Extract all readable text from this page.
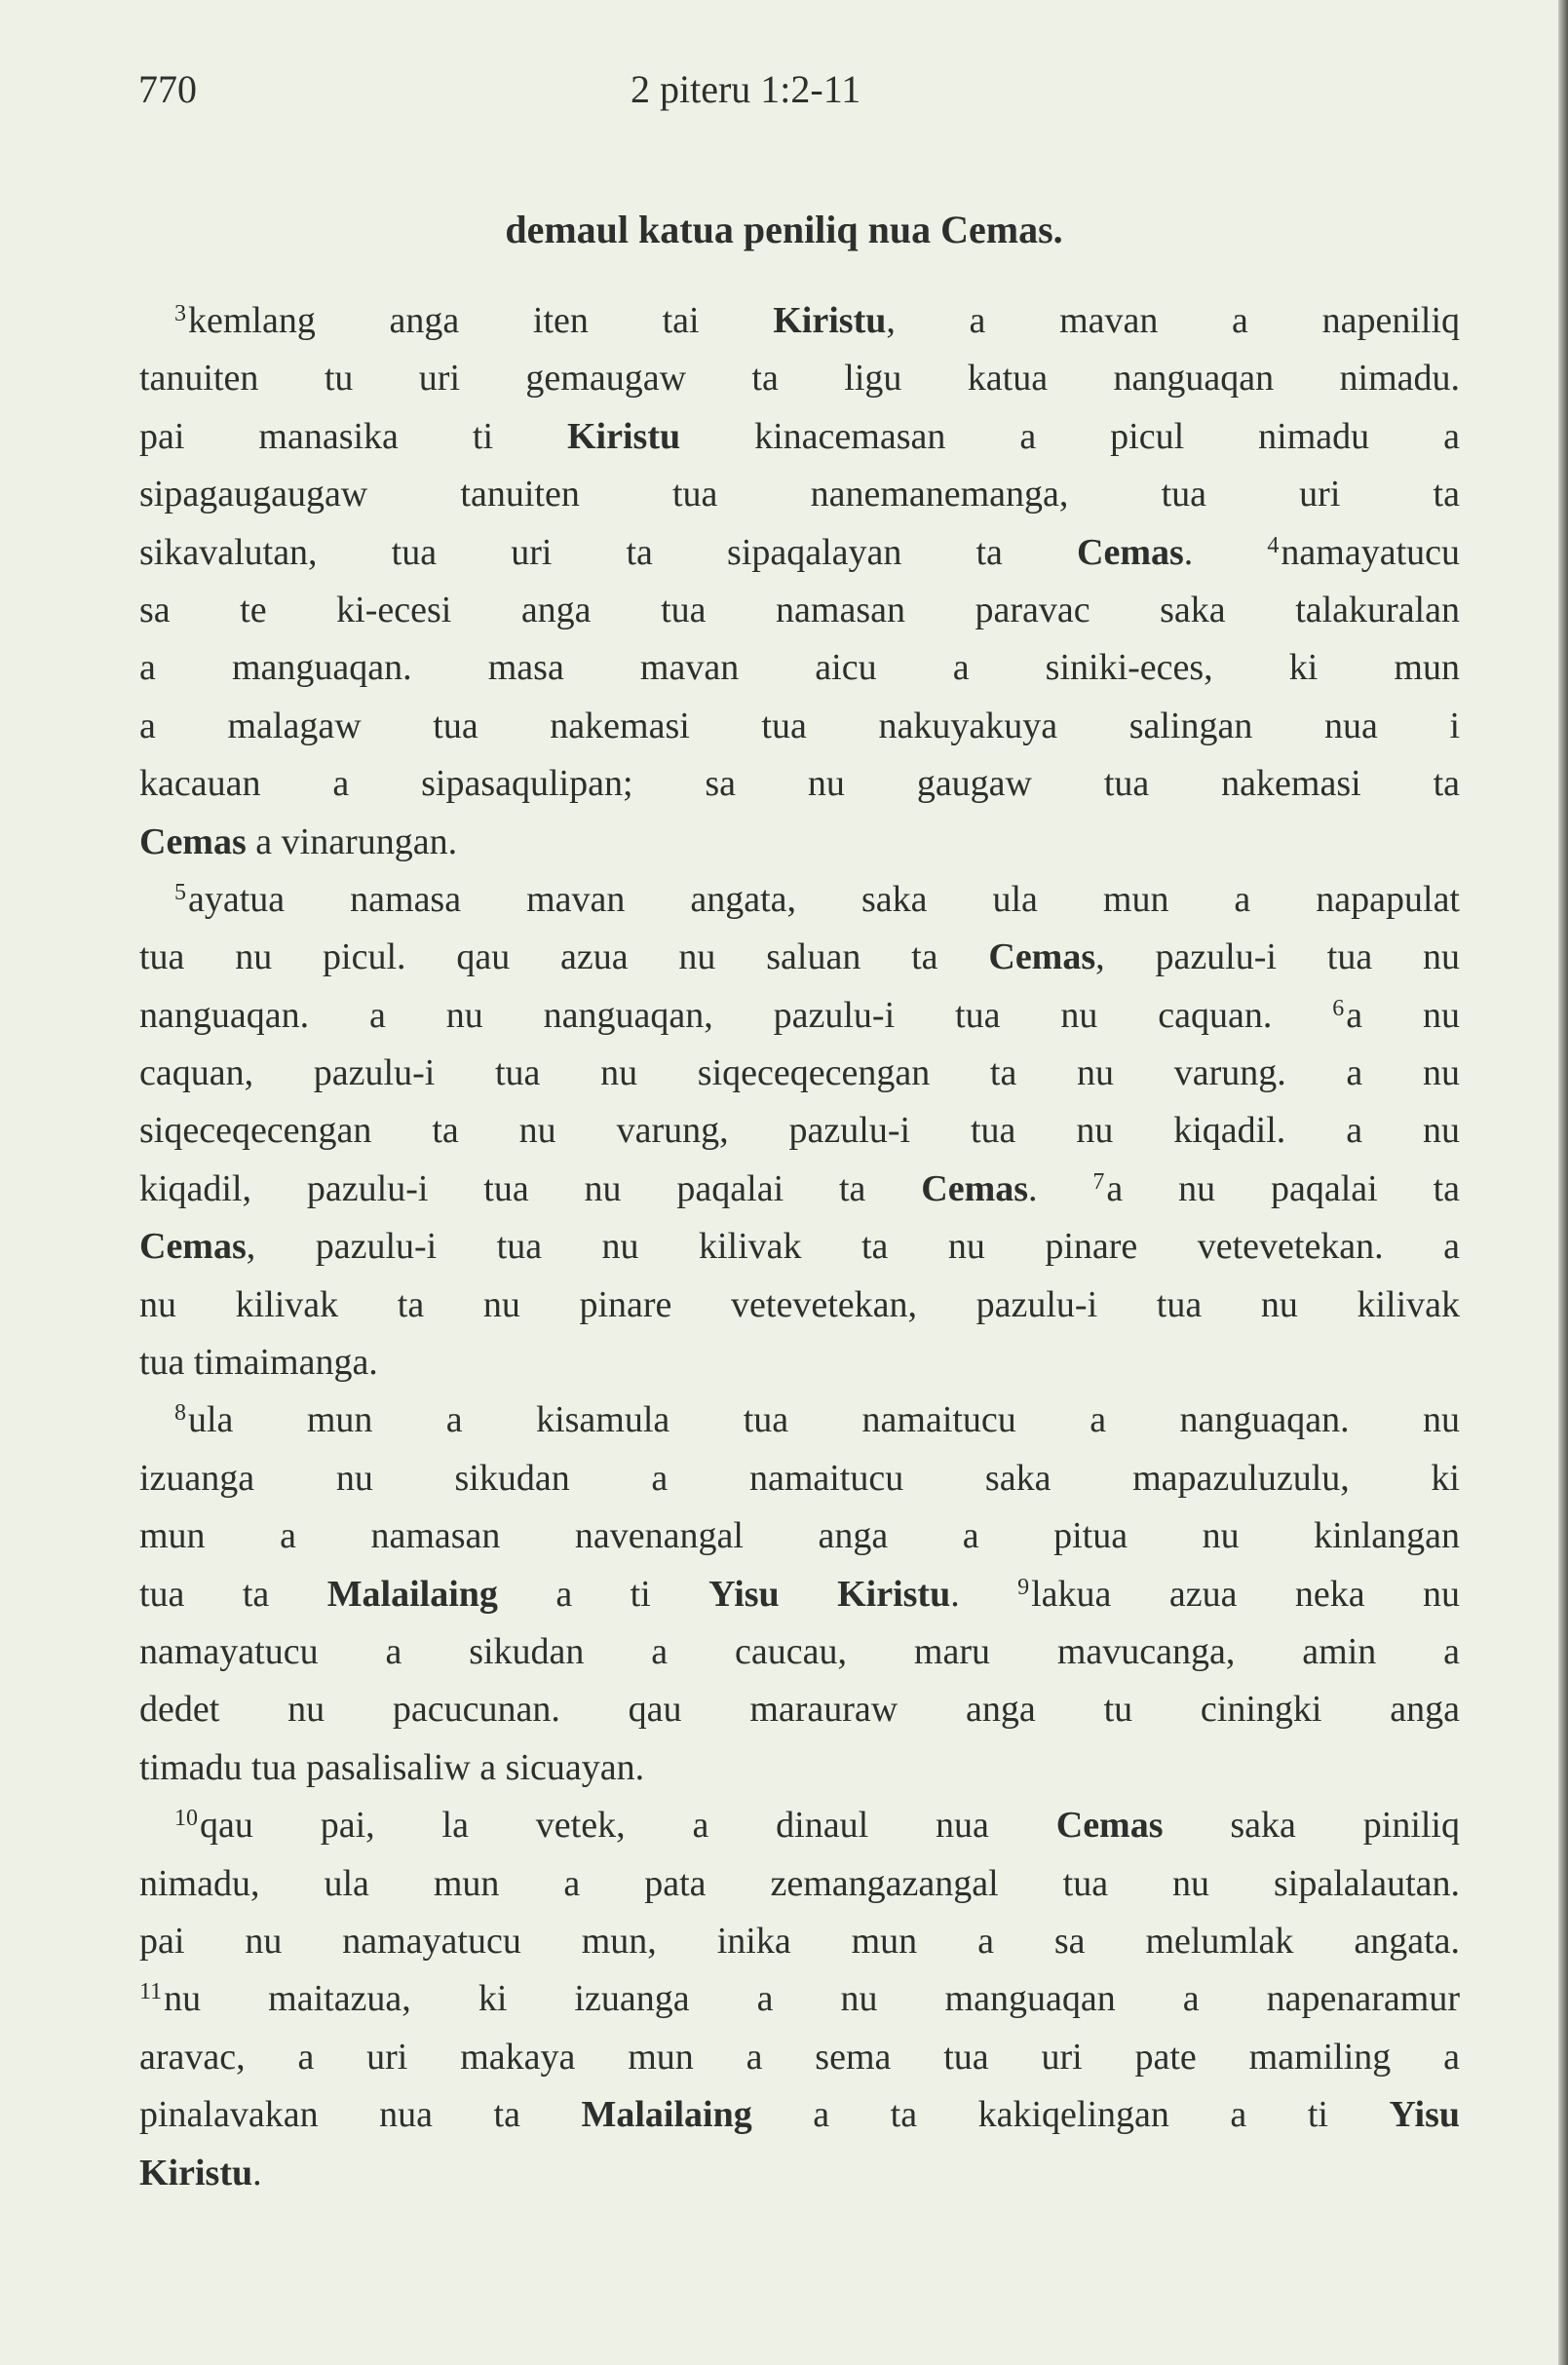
770	2 piteru 1:2-11
demaul katua peniliq nua Cemas.
$^3$kemlang anga iten tai Kiristu, a mavan a napeniliq
tanuiten tu uri gemaugaw ta ligu katua nanguaqan nimadu.
pai manasika ti Kiristu kinacemasan a picul nimadu a
sipagaugaugaw tanuiten tua nanemanemanga, tua uri ta
sikavalutan, tua uri ta sipaqalayan ta Cemas. $^4$namayatucu
sa te ki-ecesi anga tua namasan paravac saka talakuralan
a manguaqan. masa mavan aicu a siniki-eces, ki mun
a malagaw tua nakemasi tua nakuyakuya salingan nua i
kacauan a sipasaqulipan; sa nu gaugaw tua nakemasi ta
Cemas a vinarungan.
$^5$ayatua namasa mavan angata, saka ula mun a napapulat
tua nu picul. qau azua nu saluan ta Cemas, pazulu-i tua nu
nanguaqan. a nu nanguaqan, pazulu-i tua nu caquan. $^6$a nu
caquan, pazulu-i tua nu siqeceqecengan ta nu varung. a nu
siqeceqecengan ta nu varung, pazulu-i tua nu kiqadil. a nu
kiqadil, pazulu-i tua nu paqalai ta Cemas. $^7$a nu paqalai ta
Cemas, pazulu-i tua nu kilivak ta nu pinare vetevetekan. a
nu kilivak ta nu pinare vetevetekan, pazulu-i tua nu kilivak
tua timaimanga.
$^8$ula mun a kisamula tua namaitucu a nanguaqan. nu
izuanga nu sikudan a namaitucu saka mapazuluzulu, ki
mun a namasan navenangal anga a pitua nu kinlangan
tua ta Malailaing a ti Yisu Kiristu. $^9$lakua azua neka nu
namayatucu a sikudan a caucau, maru mavucanga, amin a
dedet nu pacucunan. qau marauraw anga tu ciningki anga
timadu tua pasalisaliw a sicuayan.
$^{10}$qau pai, la vetek, a dinaul nua Cemas saka piniliq
nimadu, ula mun a pata zemangazangal tua nu sipalalautan.
pai nu namayatucu mun, inika mun a sa melumlak angata.
$^{11}$nu maitazua, ki izuanga a nu manguaqan a napenaramur
aravac, a uri makaya mun a sema tua uri pate mamiling a
pinalavakan nua ta Malailaing a ta kakiqelingan a ti Yisu
Kiristu.
